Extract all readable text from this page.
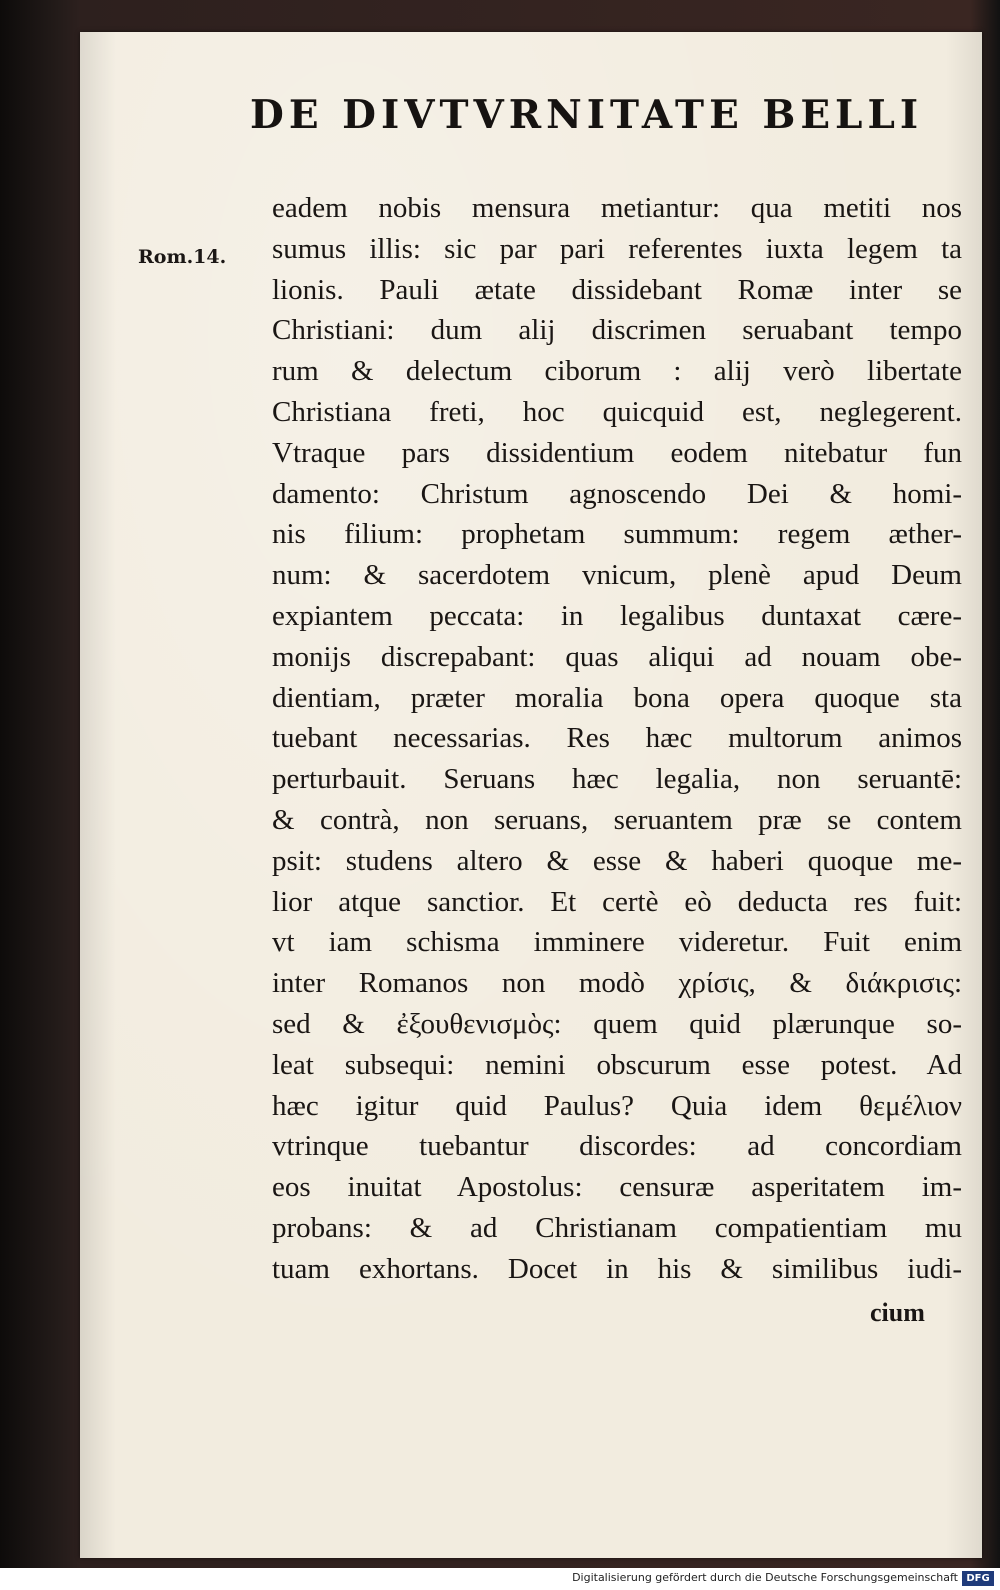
DE DIVTVRNITATE BELLI
Rom.14.
eadem nobis mensura metiantur: qua metiti nos
sumus illis: sic par pari referentes iuxta legem ta
lionis. Pauli ætate dissidebant Romæ inter se
Christiani: dum alij discrimen seruabant tempo
rum & delectum ciborum : alij verò libertate
Christiana freti, hoc quicquid est, neglegerent.
Vtraque pars dissidentium eodem nitebatur fun
damento: Christum agnoscendo Dei & homi-
nis filium: prophetam summum: regem æther-
num: & sacerdotem vnicum, plenè apud Deum
expiantem peccata: in legalibus duntaxat cære-
monijs discrepabant: quas aliqui ad nouam obe-
dientiam, præter moralia bona opera quoque sta
tuebant necessarias. Res hæc multorum animos
perturbauit. Seruans hæc legalia, non seruantē:
& contrà, non seruans, seruantem præ se contem
psit: studens altero & esse & haberi quoque me-
lior atque sanctior. Et certè eò deducta res fuit:
vt iam schisma imminere videretur. Fuit enim
inter Romanos non modò χρίσις, & διάκρισις:
sed & ἐξουθενισμὸς: quem quid plærunque so-
leat subsequi: nemini obscurum esse potest. Ad
hæc igitur quid Paulus? Quia idem θεμέλιον
vtrinque tuebantur discordes: ad concordiam
eos inuitat Apostolus: censuræ asperitatem im-
probans: & ad Christianam compatientiam mu
tuam exhortans. Docet in his & similibus iudi-
cium
Digitalisierung gefördert durch die Deutsche Forschungsgemeinschaft DFG
